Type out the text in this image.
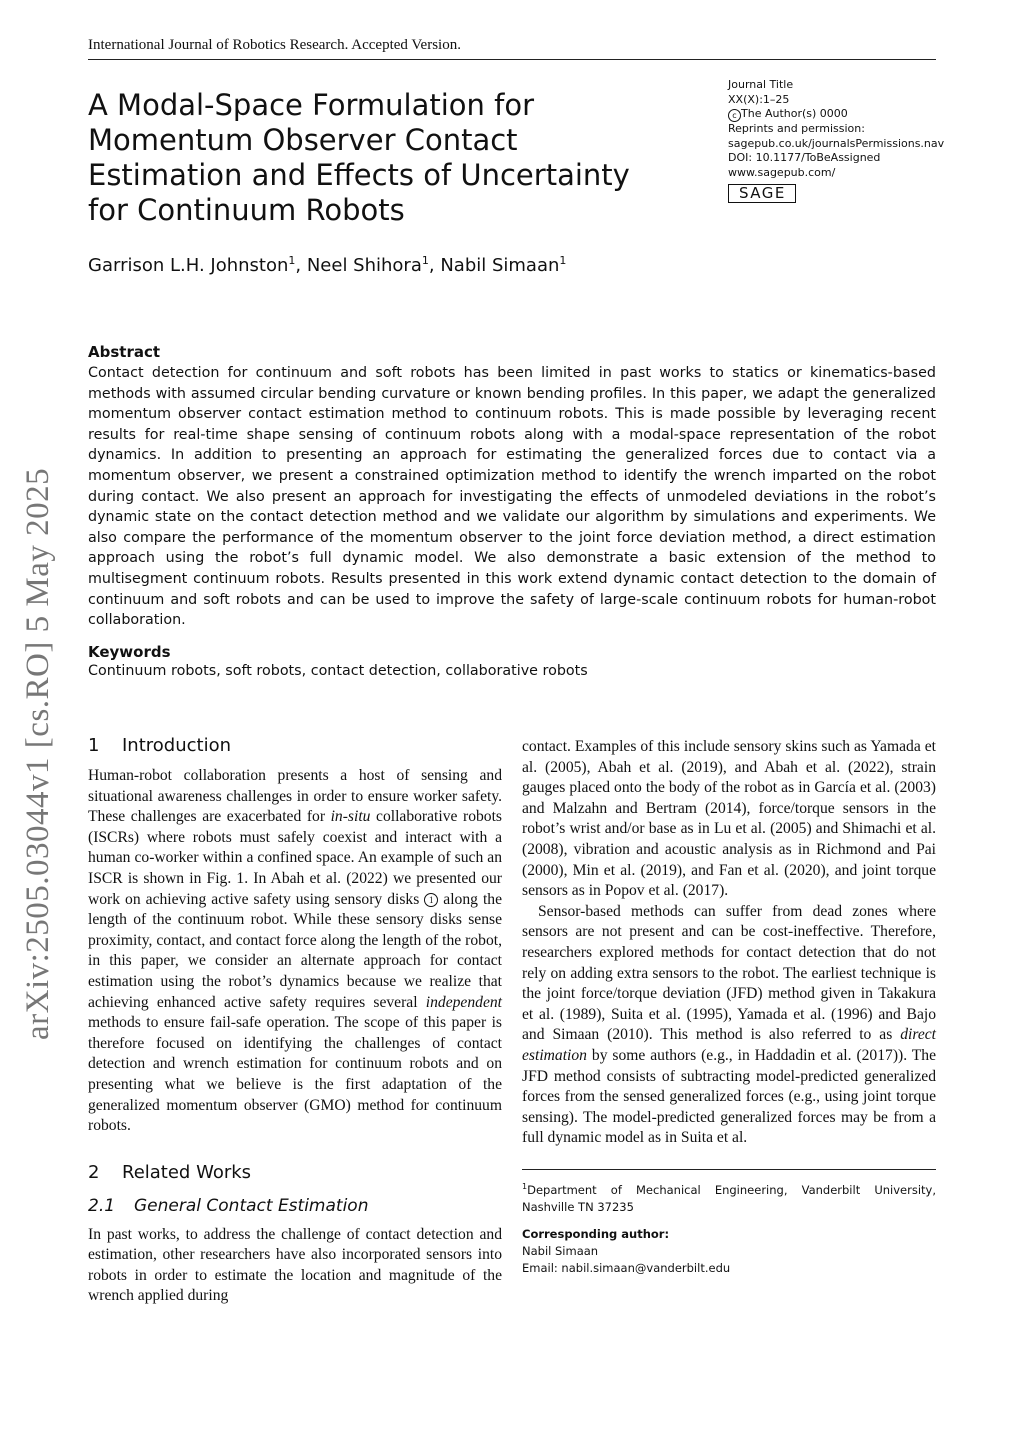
International Journal of Robotics Research. Accepted Version.
arXiv:2505.03044v1 [cs.RO] 5 May 2025
A Modal-Space Formulation for Momentum Observer Contact Estimation and Effects of Uncertainty for Continuum Robots
Journal Title
XX(X):1–25
c The Author(s) 0000
Reprints and permission:
sagepub.co.uk/journalsPermissions.nav
DOI: 10.1177/ToBeAssigned
www.sagepub.com/
SAGE
Garrison L.H. Johnston$^1$, Neel Shihora$^1$, Nabil Simaan$^1$
Abstract

Contact detection for continuum and soft robots has been limited in past works to statics or kinematics-based methods with assumed circular bending curvature or known bending profiles. In this paper, we adapt the generalized momentum observer contact estimation method to continuum robots. This is made possible by leveraging recent results for real-time shape sensing of continuum robots along with a modal-space representation of the robot dynamics. In addition to presenting an approach for estimating the generalized forces due to contact via a momentum observer, we present a constrained optimization method to identify the wrench imparted on the robot during contact. We also present an approach for investigating the effects of unmodeled deviations in the robot’s dynamic state on the contact detection method and we validate our algorithm by simulations and experiments. We also compare the performance of the momentum observer to the joint force deviation method, a direct estimation approach using the robot’s full dynamic model. We also demonstrate a basic extension of the method to multisegment continuum robots. Results presented in this work extend dynamic contact detection to the domain of continuum and soft robots and can be used to improve the safety of large-scale continuum robots for human-robot collaboration.

Keywords
Continuum robots, soft robots, contact detection, collaborative robots
1 Introduction

Human-robot collaboration presents a host of sensing and situational awareness challenges in order to ensure worker safety. These challenges are exacerbated for in-situ collaborative robots (ISCRs) where robots must safely coexist and interact with a human co-worker within a confined space. An example of such an ISCR is shown in Fig. 1. In Abah et al. (2022) we presented our work on achieving active safety using sensory disks 1 along the length of the continuum robot. While these sensory disks sense proximity, contact, and contact force along the length of the robot, in this paper, we consider an alternate approach for contact estimation using the robot’s dynamics because we realize that achieving enhanced active safety requires several independent methods to ensure fail-safe operation. The scope of this paper is therefore focused on identifying the challenges of contact detection and wrench estimation for continuum robots and on presenting what we believe is the first adaptation of the generalized momentum observer (GMO) method for continuum robots.

2 Related Works
2.1 General Contact Estimation

In past works, to address the challenge of contact detection and estimation, other researchers have also incorporated sensors into robots in order to estimate the location and magnitude of the wrench applied during

contact. Examples of this include sensory skins such as Yamada et al. (2005), Abah et al. (2019), and Abah et al. (2022), strain gauges placed onto the body of the robot as in García et al. (2003) and Malzahn and Bertram (2014), force/torque sensors in the robot’s wrist and/or base as in Lu et al. (2005) and Shimachi et al. (2008), vibration and acoustic analysis as in Richmond and Pai (2000), Min et al. (2019), and Fan et al. (2020), and joint torque sensors as in Popov et al. (2017).

Sensor-based methods can suffer from dead zones where sensors are not present and can be cost-ineffective. Therefore, researchers explored methods for contact detection that do not rely on adding extra sensors to the robot. The earliest technique is the joint force/torque deviation (JFD) method given in Takakura et al. (1989), Suita et al. (1995), Yamada et al. (1996) and Bajo and Simaan (2010). This method is also referred to as direct estimation by some authors (e.g., in Haddadin et al. (2017)). The JFD method consists of subtracting model-predicted generalized forces from the sensed generalized forces (e.g., using joint torque sensing). The model-predicted generalized forces may be from a full dynamic model as in Suita et al.

$^1$Department of Mechanical Engineering, Vanderbilt University, Nashville TN 37235

Corresponding author:
Nabil Simaan
Email: nabil.simaan@vanderbilt.edu
